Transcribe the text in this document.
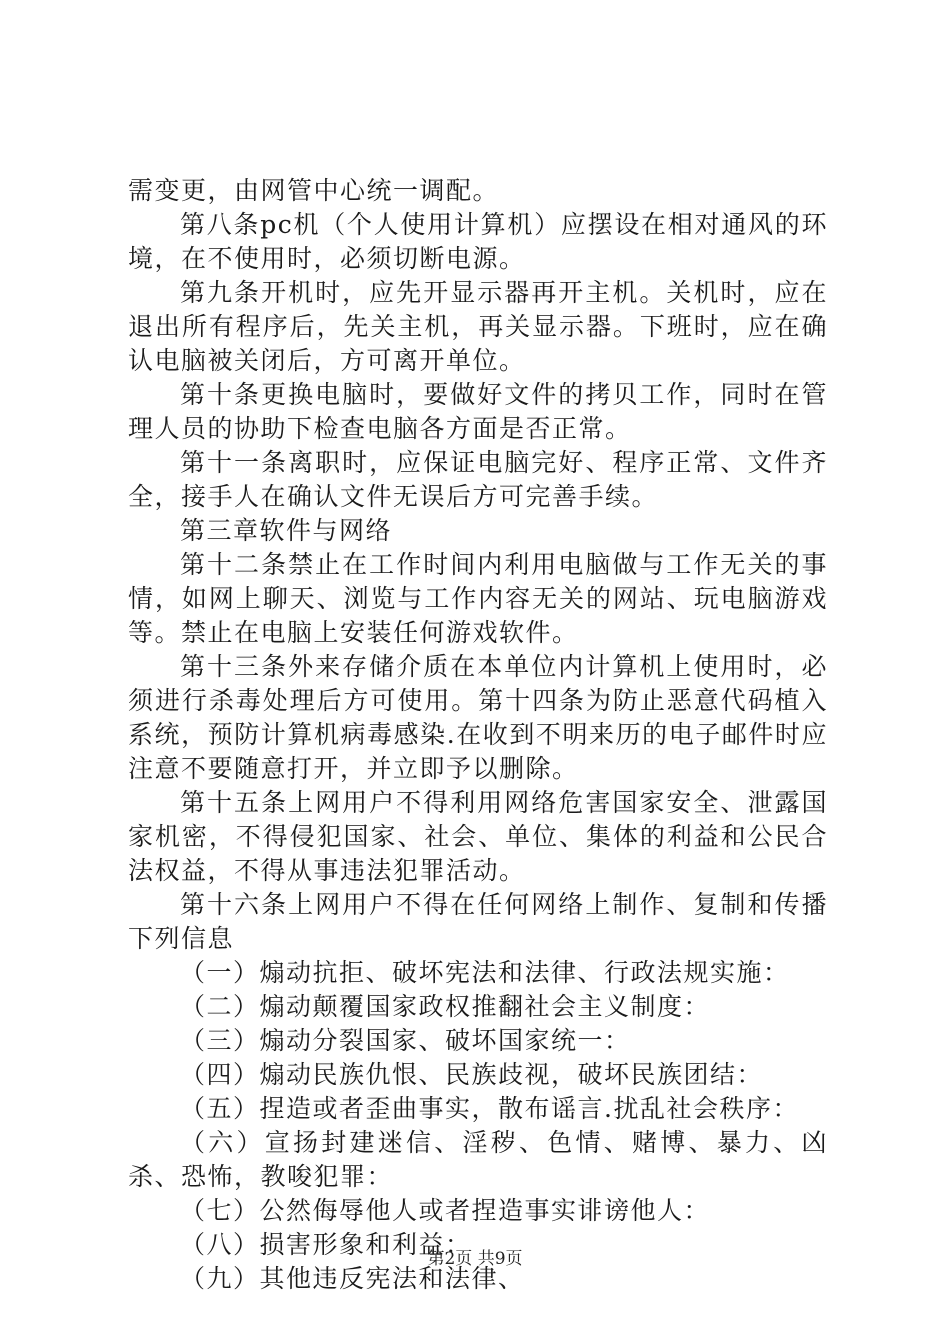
需变更，由网管中心统一调配。

第八条pc机（个人使用计算机）应摆设在相对通风的环境，在不使用时，必须切断电源。

第九条开机时，应先开显示器再开主机。关机时，应在退出所有程序后，先关主机，再关显示器。下班时，应在确认电脑被关闭后，方可离开单位。

第十条更换电脑时，要做好文件的拷贝工作，同时在管理人员的协助下检查电脑各方面是否正常。

第十一条离职时，应保证电脑完好、程序正常、文件齐全，接手人在确认文件无误后方可完善手续。

第三章软件与网络

第十二条禁止在工作时间内利用电脑做与工作无关的事情，如网上聊天、浏览与工作内容无关的网站、玩电脑游戏等。禁止在电脑上安装任何游戏软件。

第十三条外来存储介质在本单位内计算机上使用时，必须进行杀毒处理后方可使用。第十四条为防止恶意代码植入系统，预防计算机病毒感染.在收到不明来历的电子邮件时应注意不要随意打开，并立即予以删除。

第十五条上网用户不得利用网络危害国家安全、泄露国家机密，不得侵犯国家、社会、单位、集体的利益和公民合法权益，不得从事违法犯罪活动。

第十六条上网用户不得在任何网络上制作、复制和传播下列信息

（一）煽动抗拒、破坏宪法和法律、行政法规实施：

（二）煽动颠覆国家政权推翻社会主义制度：

（三）煽动分裂国家、破坏国家统一：

（四）煽动民族仇恨、民族歧视，破坏民族团结：

（五）捏造或者歪曲事实，散布谣言.扰乱社会秩序：

（六）宣扬封建迷信、淫秽、色情、赌博、暴力、凶杀、恐怖，教唆犯罪：

（七）公然侮辱他人或者捏造事实诽谤他人：

（八）损害形象和利益：

（九）其他违反宪法和法律、

第2页 共9页
